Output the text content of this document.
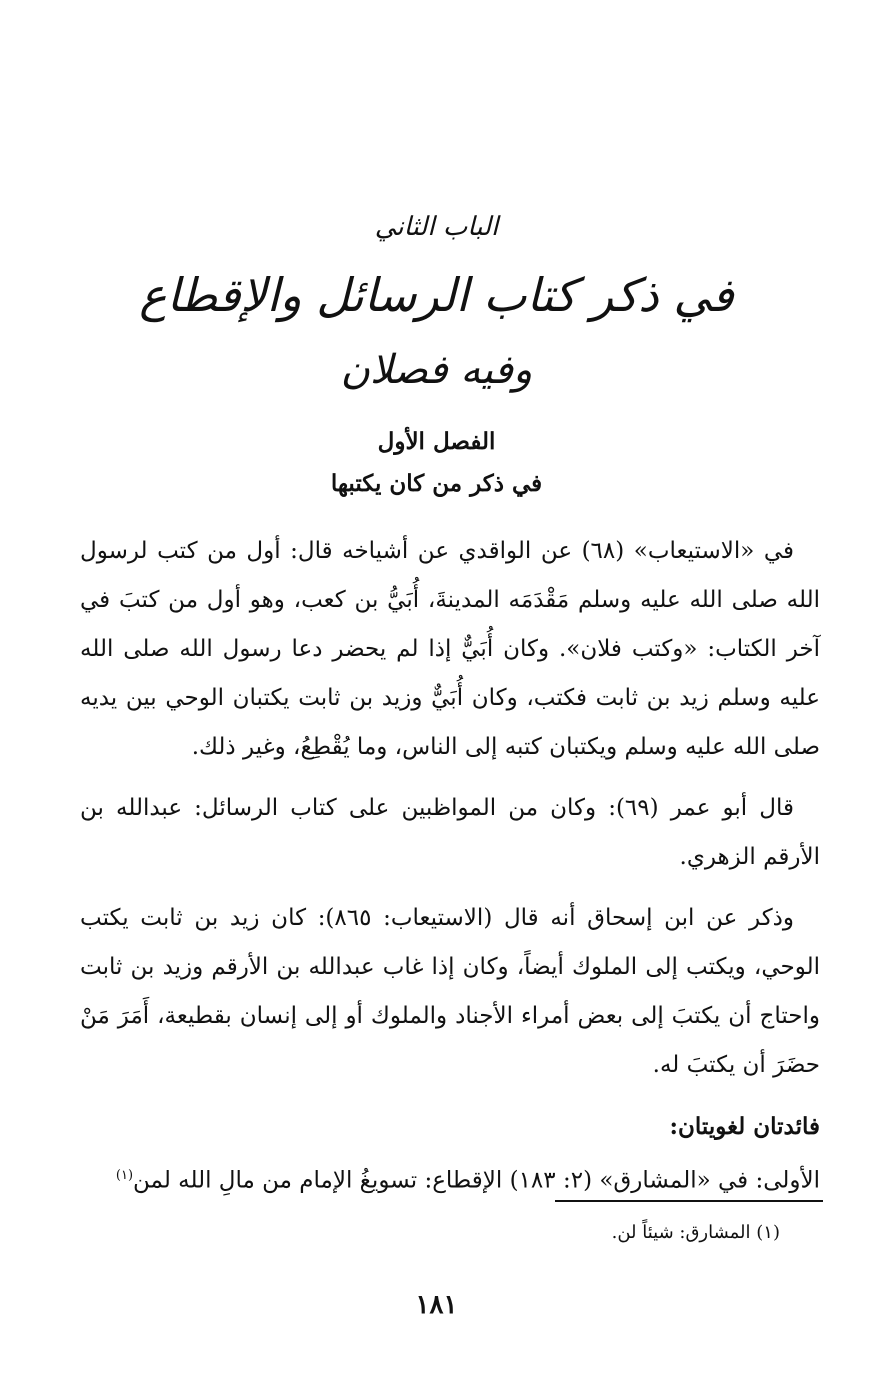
الباب الثاني
في ذكر كتاب الرسائل والإقطاع
وفيه فصلان
الفصل الأول
في ذكر من كان يكتبها

في «الاستيعاب» (٦٨) عن الواقدي عن أشياخه قال: أول من كتب لرسول الله صلى الله عليه وسلم مَقْدَمَه المدينةَ، أُبَيُّ بن كعب، وهو أول من كتبَ في آخر الكتاب: «وكتب فلان». وكان أُبَيٌّ إذا لم يحضر دعا رسول الله صلى الله عليه وسلم زيد بن ثابت فكتب، وكان أُبَيٌّ وزيد بن ثابت يكتبان الوحي بين يديه صلى الله عليه وسلم ويكتبان كتبه إلى الناس، وما يُقْطِعُ، وغير ذلك.

قال أبو عمر (٦٩): وكان من المواظبين على كتاب الرسائل: عبدالله بن الأرقم الزهري.

وذكر عن ابن إسحاق أنه قال (الاستيعاب: ٨٦٥): كان زيد بن ثابت يكتب الوحي، ويكتب إلى الملوك أيضاً، وكان إذا غاب عبدالله بن الأرقم وزيد بن ثابت واحتاج أن يكتبَ إلى بعض أمراء الأجناد والملوك أو إلى إنسان بقطيعة، أَمَرَ مَنْ حضَرَ أن يكتبَ له.

فائدتان لغويتان:

الأولى: في «المشارق» (٢: ١٨٣) الإقطاع: تسويغُ الإمام من مالِ الله لمن$^{(١)}$

(١) المشارق: شيئاً لن.
١٨١
